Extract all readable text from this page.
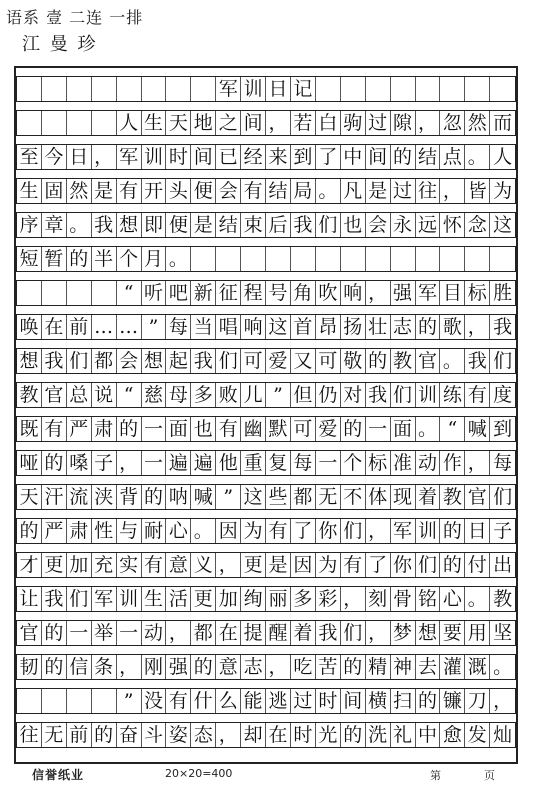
语系 壹 二连 一排
江 曼 珍
军 训 日 记
人 生 天 地 之 间 ， 若 白 驹 过 隙 ， 忽 然 而
至 今 日 ， 军 训 时 间 已 经 来 到 了 中 间 的 结 点 。 人
生 固 然 是 有 开 头 便 会 有 结 局 。 凡 是 过 往 ， 皆 为
序 章 。 我 想 即 便 是 结 束 后 我 们 也 会 永 远 怀 念 这
短 暂 的 半 个 月 。
“ 听 吧 新 征 程 号 角 吹 响 ， 强 军 目 标 胜
唤 在 前 … … ” 每 当 唱 响 这 首 昂 扬 壮 志 的 歌 ， 我
想 我 们 都 会 想 起 我 们 可 爱 又 可 敬 的 教 官 。 我 们
教 官 总 说 “ 慈 母 多 败 儿 ” 但 仍 对 我 们 训 练 有 度
既 有 严 肃 的 一 面 也 有 幽 默 可 爱 的 一 面 。 “ 喊 到
哑 的 嗓 子 ， 一 遍 遍 他 重 复 每 一 个 标 准 动 作 ， 每
天 汗 流 浃 背 的 呐 喊 ” 这 些 都 无 不 体 现 着 教 官 们
的 严 肃 性 与 耐 心 。 因 为 有 了 你 们 ， 军 训 的 日 子
才 更 加 充 实 有 意 义 ， 更 是 因 为 有 了 你 们 的 付 出
让 我 们 军 训 生 活 更 加 绚 丽 多 彩 ， 刻 骨 铭 心 。 教
官 的 一 举 一 动 ， 都 在 提 醒 着 我 们 ， 梦 想 要 用 坚
韧 的 信 条 ， 刚 强 的 意 志 ， 吃 苦 的 精 神 去 灌 溉 。
” 没 有 什 么 能 逃 过 时 间 横 扫 的 镰 刀 ，
往 无 前 的 奋 斗 姿 态 ， 却 在 时 光 的 洗 礼 中 愈 发 灿
信誉纸业	20×20=400	第	页
